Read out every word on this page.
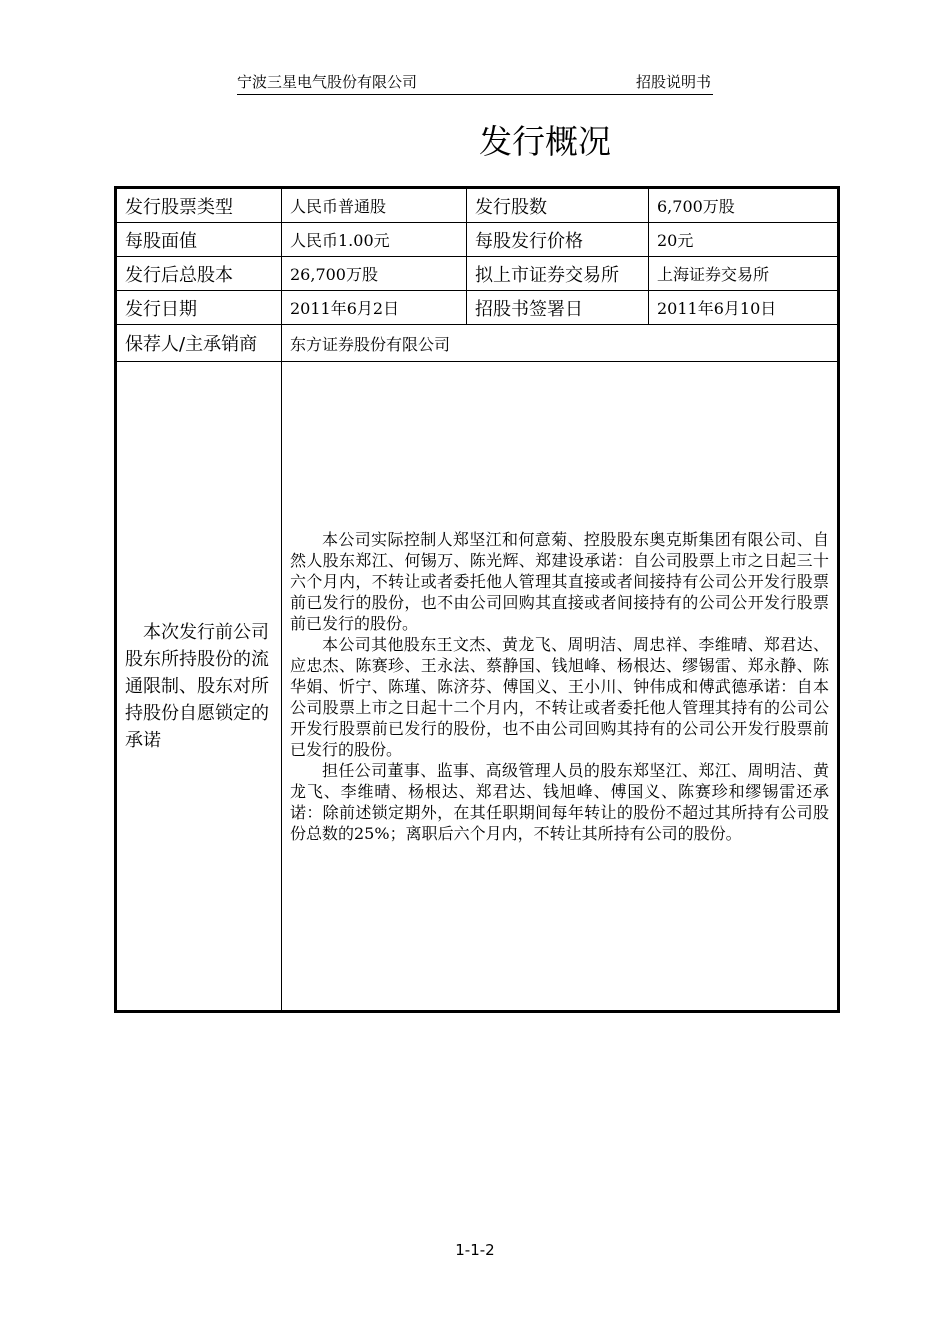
宁波三星电气股份有限公司	招股说明书
发行概况
发行股票类型	人民币普通股	发行股数	6,700万股
每股面值	人民币1.00元	每股发行价格	20元
发行后总股本	26,700万股	拟上市证券交易所	上海证券交易所
发行日期	2011年6月2日	招股书签署日	2011年6月10日
保荐人/主承销商	东方证券股份有限公司		

本次发行前公司股东所持股份的流通限制、股东对所持股份自愿锁定的承诺	本公司实际控制人郑坚江和何意菊、控股股东奥克斯集团有限公司、自然人股东郑江、何锡万、陈光辉、郑建设承诺：自公司股票上市之日起三十六个月内，不转让或者委托他人管理其直接或者间接持有公司公开发行股票前已发行的股份，也不由公司回购其直接或者间接持有的公司公开发行股票前已发行的股份。

本公司其他股东王文杰、黄龙飞、周明洁、周忠祥、李维晴、郑君达、应忠杰、陈赛珍、王永法、蔡静国、钱旭峰、杨根达、缪锡雷、郑永静、陈华娟、忻宁、陈瑾、陈济芬、傅国义、王小川、钟伟成和傅武德承诺：自本公司股票上市之日起十二个月内，不转让或者委托他人管理其持有的公司公开发行股票前已发行的股份，也不由公司回购其持有的公司公开发行股票前已发行的股份。

担任公司董事、监事、高级管理人员的股东郑坚江、郑江、周明洁、黄龙飞、李维晴、杨根达、郑君达、钱旭峰、傅国义、陈赛珍和缪锡雷还承诺：除前述锁定期外，在其任职期间每年转让的股份不超过其所持有公司股份总数的25%；离职后六个月内，不转让其所持有公司的股份。		

1-1-2
